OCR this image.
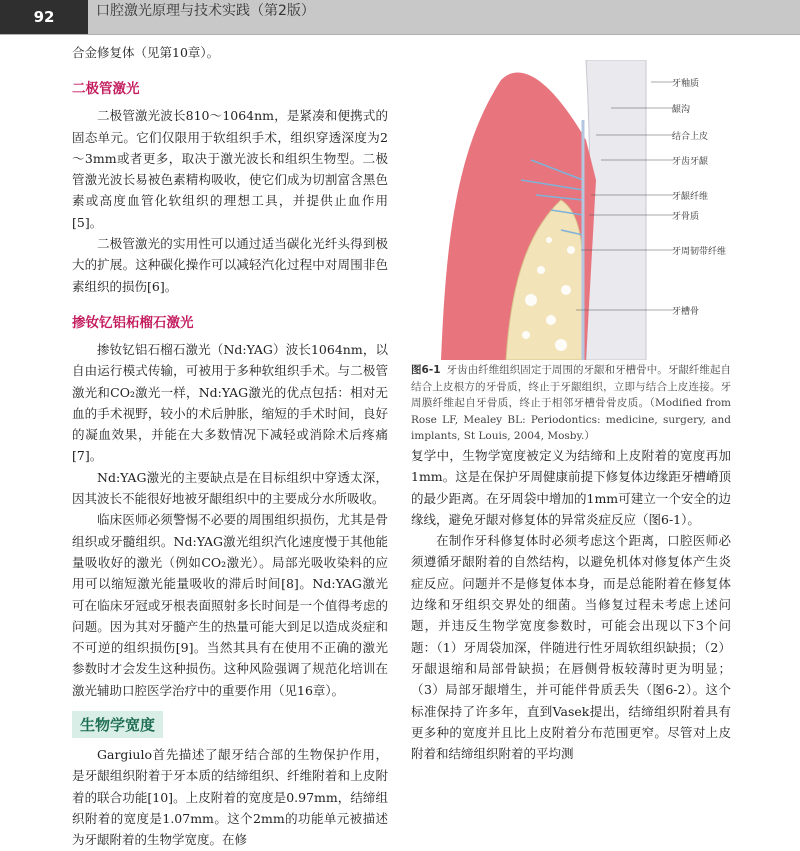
92	口腔激光原理与技术实践（第2版）

合金修复体（见第10章）。

二极管激光

二极管激光波长810～1064nm，是紧凑和便携式的固态单元。它们仅限用于软组织手术，组织穿透深度为2～3mm或者更多，取决于激光波长和组织生物型。二极管激光波长易被色素精构吸收，使它们成为切割富含黑色素或高度血管化软组织的理想工具，并提供止血作用[5]。

二极管激光的实用性可以通过适当碳化光纤头得到极大的扩展。这种碳化操作可以减轻汽化过程中对周围非色素组织的损伤[6]。

掺钕钇铝柘榴石激光

掺钕钇铝石榴石激光（Nd:YAG）波长1064nm，以自由运行模式传输，可被用于多种软组织手术。与二极管激光和CO₂激光一样，Nd:YAG激光的优点包括：相对无血的手术视野，较小的术后肿胀，缩短的手术时间，良好的凝血效果，并能在大多数情况下减轻或消除术后疼痛[7]。

Nd:YAG激光的主要缺点是在目标组织中穿透太深，因其波长不能很好地被牙龈组织中的主要成分水所吸收。

临床医师必须警惕不必要的周围组织损伤，尤其是骨组织或牙髓组织。Nd:YAG激光组织汽化速度慢于其他能量吸收好的激光（例如CO₂激光）。局部光吸收染料的应用可以缩短激光能量吸收的滞后时间[8]。Nd:YAG激光可在临床牙冠或牙根表面照射多长时间是一个值得考虑的问题。因为其对牙髓产生的热量可能大到足以造成炎症和不可逆的组织损伤[9]。当然其具有在使用不正确的激光参数时才会发生这种损伤。这种风险强调了规范化培训在激光辅助口腔医学治疗中的重要作用（见16章）。

生物学宽度

Gargiulo首先描述了龈牙结合部的生物保护作用，是牙龈组织附着于牙本质的结缔组织、纤维附着和上皮附着的联合功能[10]。上皮附着的宽度是0.97mm，结缔组织附着的宽度是1.07mm。这个2mm的功能单元被描述为牙龈附着的生物学宽度。在修

牙釉质
龈沟
结合上皮
牙齿牙龈
牙龈纤维
牙骨质
牙周韧带纤维
牙槽骨
图6-1 牙齿由纤维组织固定于周围的牙龈和牙槽骨中。牙龈纤维起自结合上皮根方的牙骨质，终止于牙龈组织，立即与结合上皮连接。牙周膜纤维起自牙骨质，终止于相邻牙槽骨骨皮质。（Modified from Rose LF, Mealey BL: Periodontics: medicine, surgery, and implants, St Louis, 2004, Mosby.）

复学中，生物学宽度被定义为结缔和上皮附着的宽度再加1mm。这是在保护牙周健康前提下修复体边缘距牙槽嵴顶的最少距离。在牙周袋中增加的1mm可建立一个安全的边缘线，避免牙龈对修复体的异常炎症反应（图6-1）。

在制作牙科修复体时必须考虑这个距离，口腔医师必须遵循牙龈附着的自然结构，以避免机体对修复体产生炎症反应。问题并不是修复体本身，而是总能附着在修复体边缘和牙组织交界处的细菌。当修复过程未考虑上述问题，并违反生物学宽度参数时，可能会出现以下3个问题：（1）牙周袋加深，伴随进行性牙周软组织缺损；（2）牙龈退缩和局部骨缺损；在唇侧骨板较薄时更为明显；（3）局部牙龈增生，并可能伴骨质丢失（图6-2）。这个标准保持了许多年，直到Vasek提出，结缔组织附着具有更多种的宽度并且比上皮附着分布范围更窄。尽管对上皮附着和结缔组织附着的平均测
